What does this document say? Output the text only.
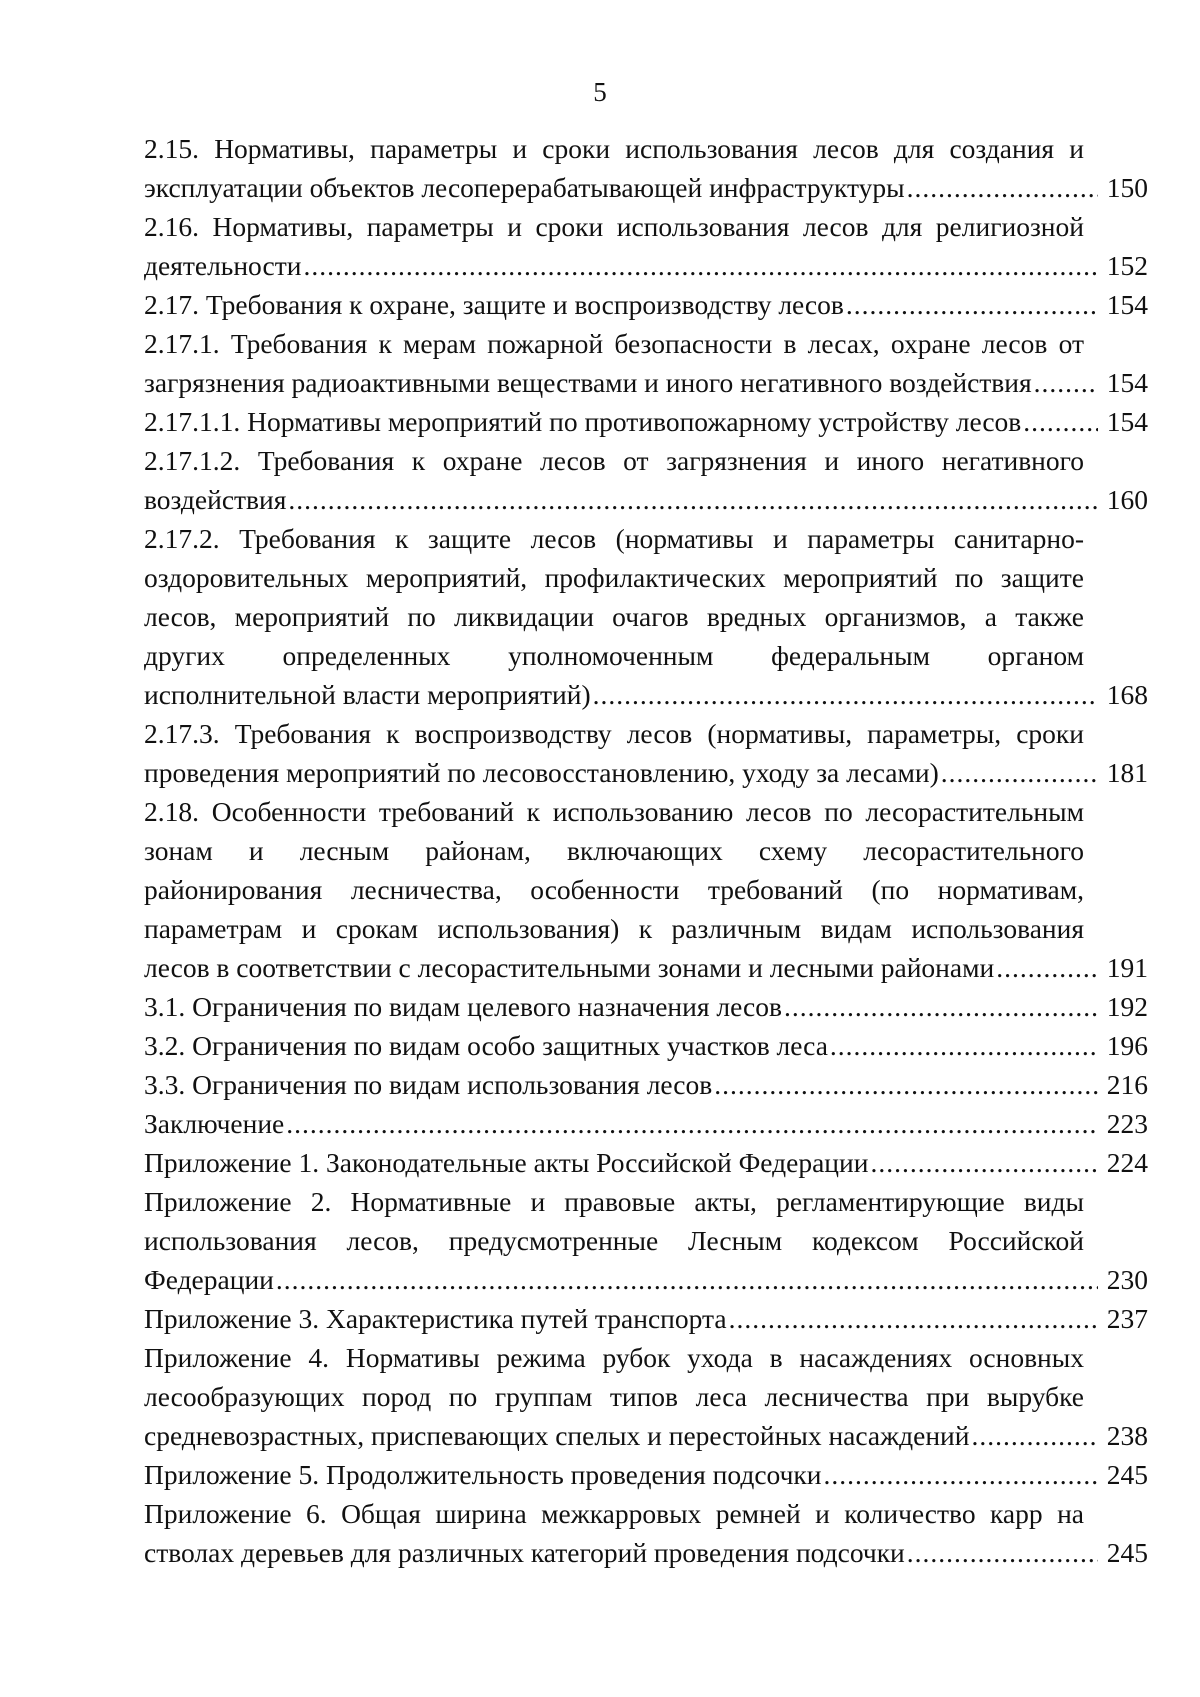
5
2.15. Нормативы, параметры и сроки использования лесов для создания и
эксплуатации объектов лесоперерабатывающей инфраструктуры .....	150
2.16. Нормативы, параметры и сроки использования лесов для религиозной
деятельности .....	152
2.17. Требования к охране, защите и воспроизводству лесов .....	154
2.17.1. Требования к мерам пожарной безопасности в лесах, охране лесов от
загрязнения радиоактивными веществами и иного негативного воздействия .....	154
2.17.1.1. Нормативы мероприятий по противопожарному устройству лесов .....	154
2.17.1.2. Требования к охране лесов от загрязнения и иного негативного
воздействия .....	160
2.17.2. Требования к защите лесов (нормативы и параметры санитарно-
оздоровительных мероприятий, профилактических мероприятий по защите
лесов, мероприятий по ликвидации очагов вредных организмов, а также
других определенных уполномоченным федеральным органом
исполнительной власти мероприятий) .....	168
2.17.3. Требования к воспроизводству лесов (нормативы, параметры, сроки
проведения мероприятий по лесовосстановлению, уходу за лесами) .....	181
2.18. Особенности требований к использованию лесов по лесорастительным
зонам и лесным районам, включающих схему лесорастительного
районирования лесничества, особенности требований (по нормативам,
параметрам и срокам использования) к различным видам использования
лесов в соответствии с лесорастительными зонами и лесными районами .....	191
3.1. Ограничения по видам целевого назначения лесов .....	192
3.2. Ограничения по видам особо защитных участков леса .....	196
3.3. Ограничения по видам использования лесов .....	216
Заключение .....	223
Приложение 1. Законодательные акты Российской Федерации .....	224
Приложение 2. Нормативные и правовые акты, регламентирующие виды
использования лесов, предусмотренные Лесным кодексом Российской
Федерации .....	230
Приложение 3. Характеристика путей транспорта .....	237
Приложение 4. Нормативы режима рубок ухода в насаждениях основных
лесообразующих пород по группам типов леса лесничества при вырубке
средневозрастных, приспевающих спелых и перестойных насаждений .....	238
Приложение 5. Продолжительность проведения подсочки .....	245
Приложение 6. Общая ширина межкарровых ремней и количество карр на
стволах деревьев для различных категорий проведения подсочки .....	245
